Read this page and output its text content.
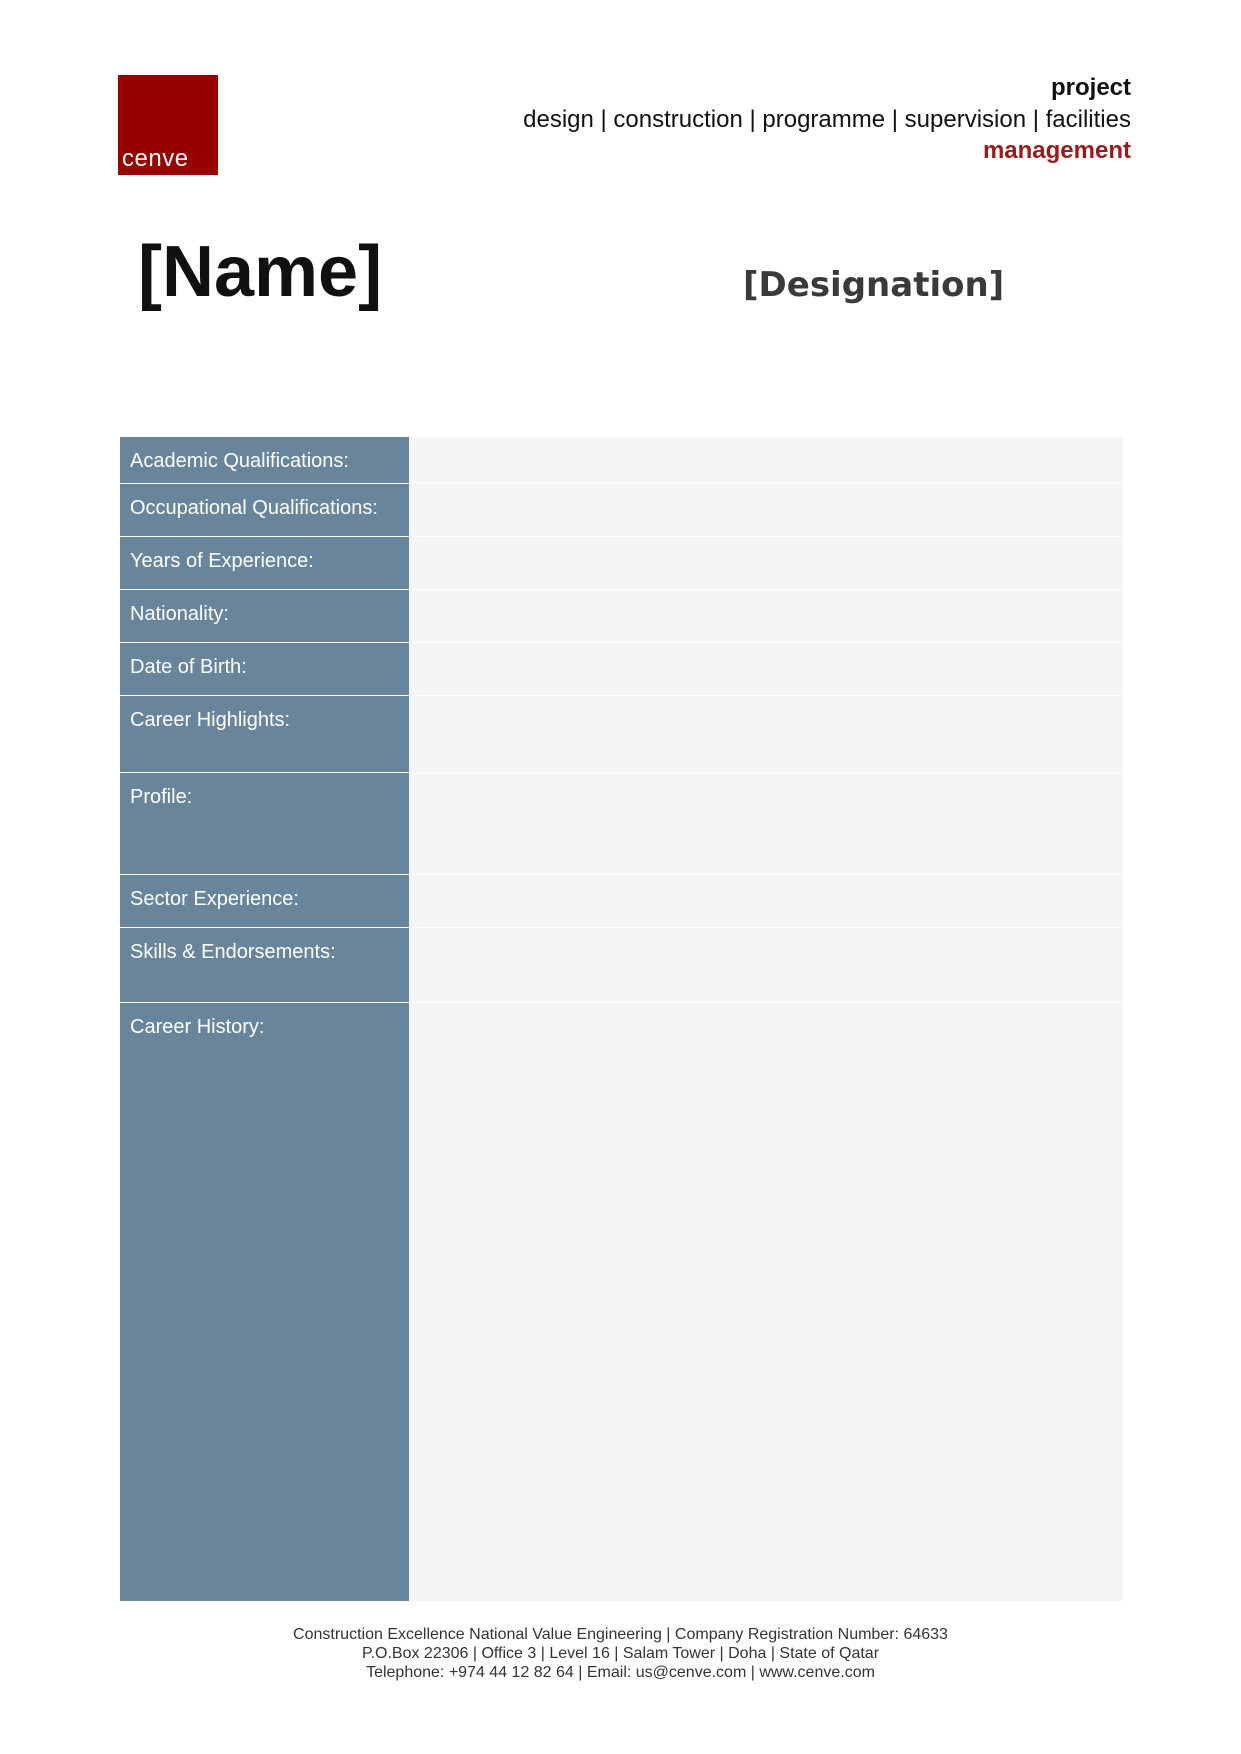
cenve
project
design | construction | programme | supervision | facilities
management
[Name]	[Designation]
Academic Qualifications:
Occupational Qualifications:
Years of Experience:
Nationality:
Date of Birth:
Career Highlights:
Profile:
Sector Experience:
Skills & Endorsements:
Career History:
Construction Excellence National Value Engineering | Company Registration Number: 64633
P.O.Box 22306 | Office 3 | Level 16 | Salam Tower | Doha | State of Qatar
Telephone: +974 44 12 82 64 | Email: us@cenve.com | www.cenve.com
